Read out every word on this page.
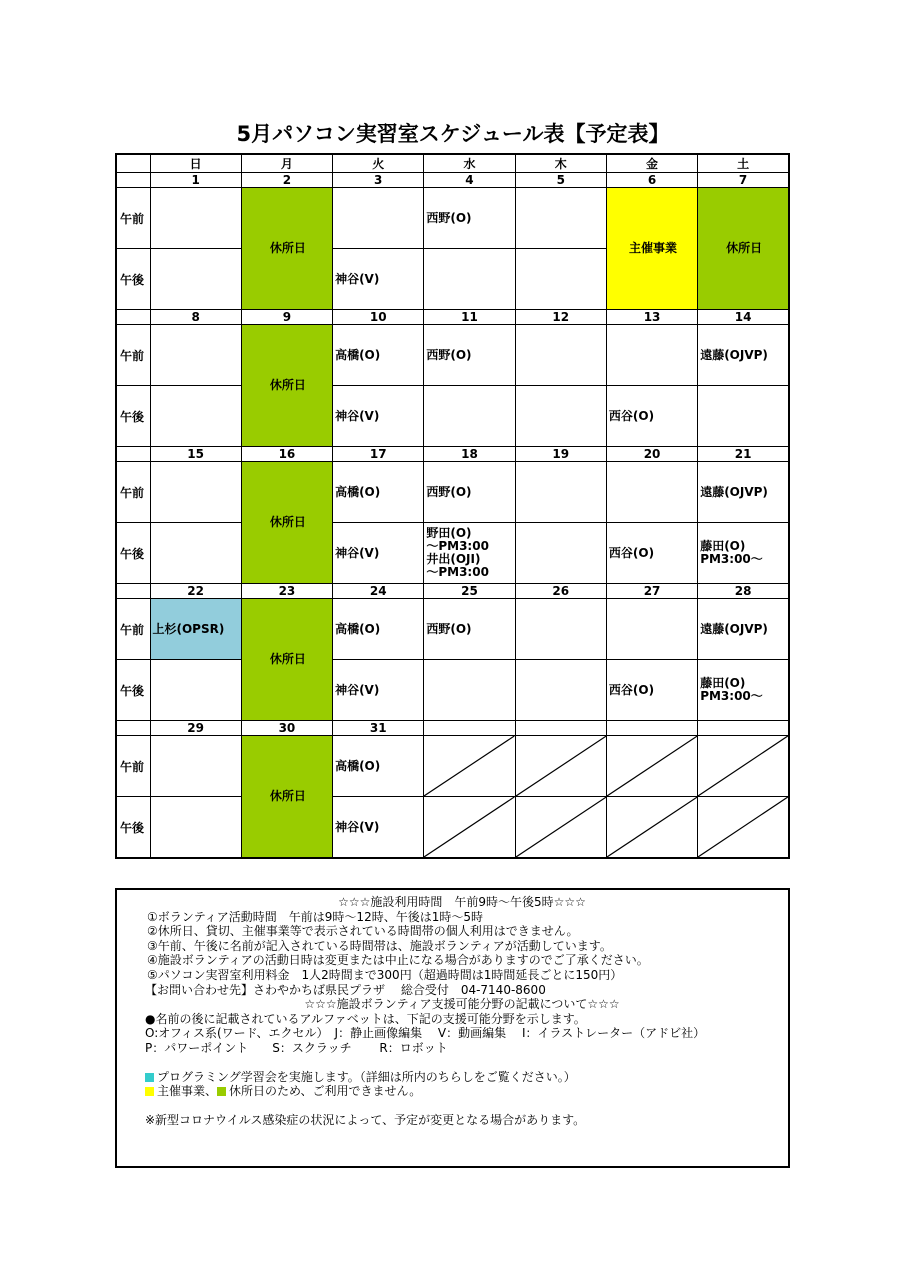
5月パソコン実習室スケジュール表【予定表】
	日	月	火	水	木	金	土
	1	2	3	4	5	6	7
午前		休所日		西野(O)		主催事業	休所日
午後			神谷(V)				
	8	9	10	11	12	13	14
午前		休所日	高橋(O)	西野(O)			遠藤(OJVP)
午後			神谷(V)			西谷(O)	
	15	16	17	18	19	20	21
午前		休所日	高橋(O)	西野(O)			遠藤(OJVP)
午後			神谷(V)	野田(O)
～PM3:00
井出(OJI)
～PM3:00		西谷(O)	藤田(O)
PM3:00～
	22	23	24	25	26	27	28
午前	上杉(OPSR)	休所日	高橋(O)	西野(O)			遠藤(OJVP)
午後			神谷(V)			西谷(O)	藤田(O)
PM3:00～
	29	30	31				
午前		休所日	高橋(O)	

午後			神谷(V)	

☆☆☆施設利用時間　午前9時～午後5時☆☆☆
①ボランティア活動時間　午前は9時～12時、午後は1時～5時
②休所日、貸切、主催事業等で表示されている時間帯の個人利用はできません。
③午前、午後に名前が記入されている時間帯は、施設ボランティアが活動しています。
④施設ボランティアの活動日時は変更または中止になる場合がありますのでご了承ください。
⑤パソコン実習室利用料金　1人2時間まで300円（超過時間は1時間延長ごとに150円）
【お問い合わせ先】さわやかちば県民プラザ　 総合受付　04-7140-8600
☆☆☆施設ボランティア支援可能分野の記載について☆☆☆
●名前の後に記載されているアルファベットは、下記の支援可能分野を示します。
O:オフィス系(ワード、エクセル）　J：静止画像編集　 V：動画編集　 I：イラストレーター（アドビ社）
P：パワーポイント　　S：スクラッチ　　 R：ロボット
プログラミング学習会を実施します。（詳細は所内のちらしをご覧ください。）
主催事業、 休所日のため、ご利用できません。
※新型コロナウイルス感染症の状況によって、予定が変更となる場合があります。
